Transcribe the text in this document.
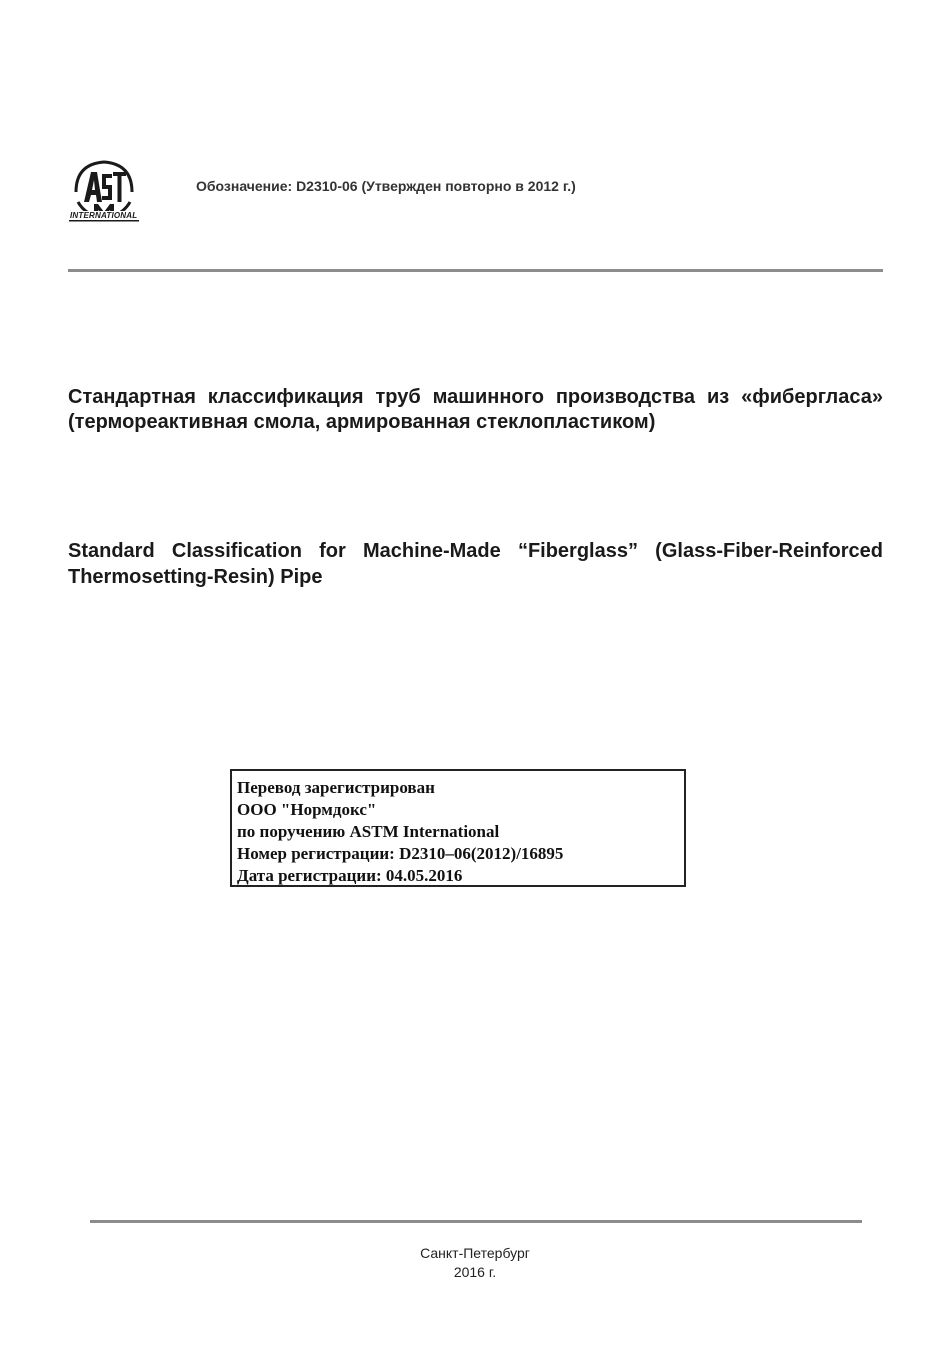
INTERNATIONAL
Обозначение: D2310-06 (Утвержден повторно в 2012 г.)
Стандартная классификация труб машинного производства из «фибергласа» (термореактивная смола, армированная стеклопластиком)
Standard Classification for Machine-Made “Fiberglass” (Glass-Fiber-Reinforced Thermosetting-Resin) Pipe
Перевод зарегистрирован
ООО "Нормдокс"
по поручению ASTM International
Номер регистрации: D2310–06(2012)/16895
Дата регистрации: 04.05.2016
Санкт-Петербург
2016 г.
